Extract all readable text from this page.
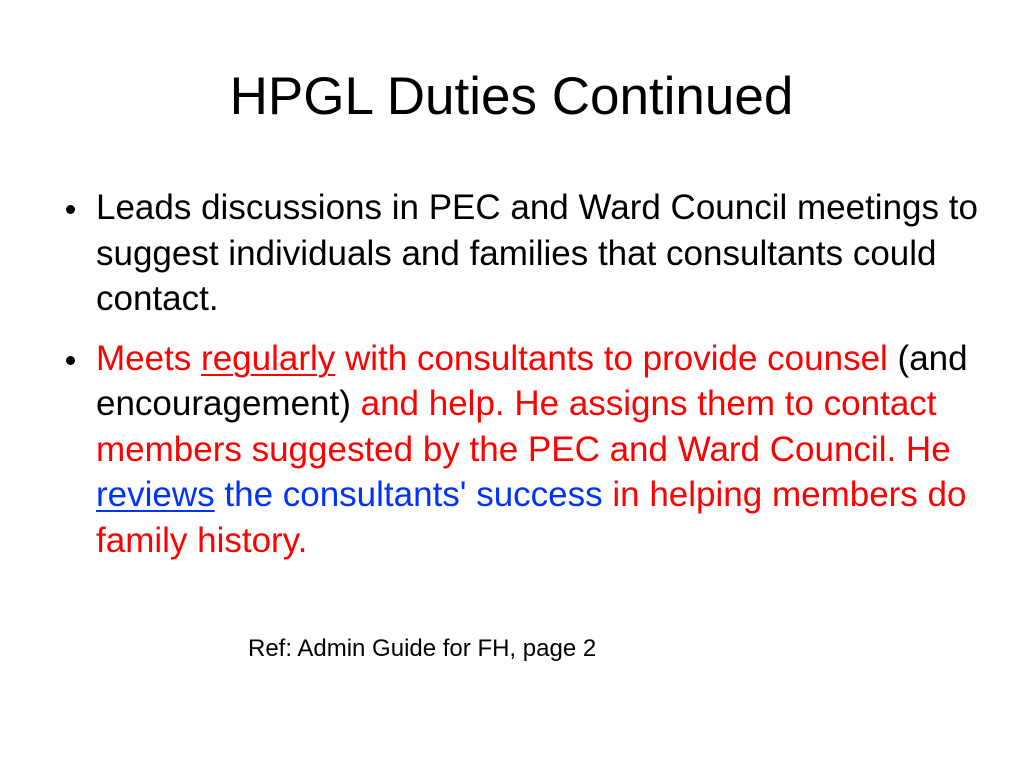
HPGL Duties Continued
Leads discussions in PEC and Ward Council meetings to suggest individuals and families that consultants could contact.
Meets regularly with consultants to provide counsel (and encouragement) and help. He assigns them to contact members suggested by the PEC and Ward Council. He reviews the consultants' success in helping members do family history.

Ref: Admin Guide for FH, page 2
